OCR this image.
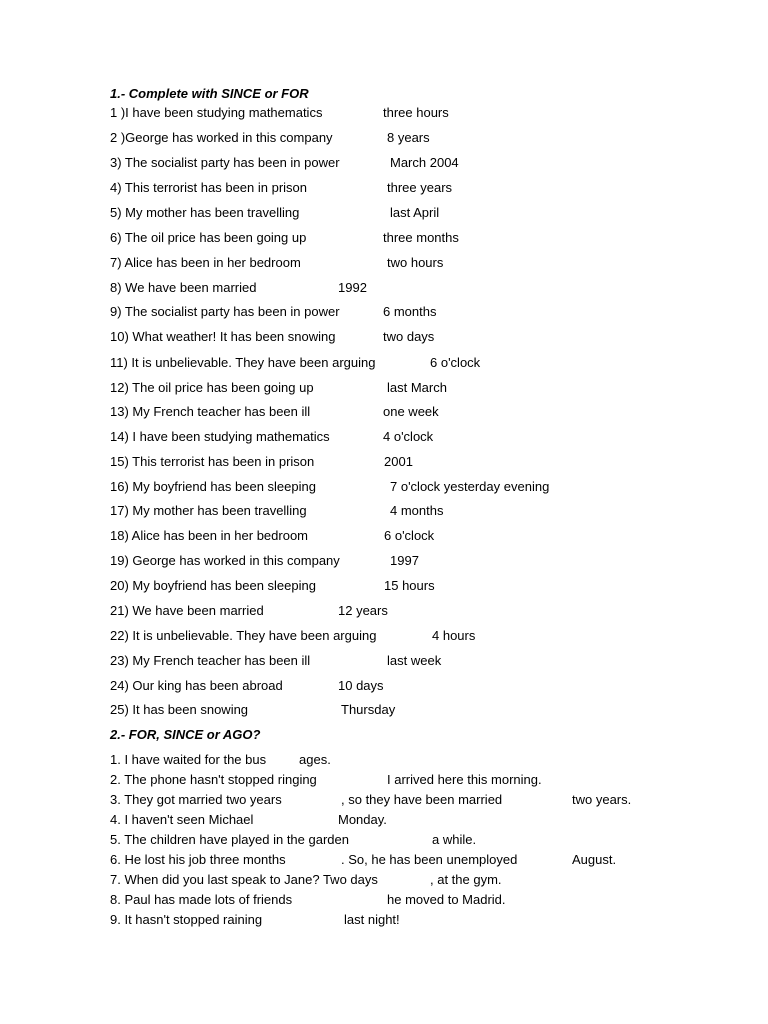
1.- Complete with SINCE or FOR
1 )I have been studying mathematics	three hours
2 )George has worked in this company	8 years
3) The socialist party has been in power	March 2004
4) This terrorist has been in prison	three years
5) My mother has been travelling	last April
6) The oil price has been going up	three months
7) Alice has been in her bedroom	two hours
8) We have been married	1992
9) The socialist party has been in power	6 months
10) What weather! It has been snowing	two days
11) It is unbelievable. They have been arguing	6 o'clock
12) The oil price has been going up	last March
13) My French teacher has been ill	one week
14) I have been studying mathematics	4 o'clock
15) This terrorist has been in prison	2001
16) My boyfriend has been sleeping	7 o'clock yesterday evening
17) My mother has been travelling	4 months
18) Alice has been in her bedroom	6 o'clock
19) George has worked in this company	1997
20) My boyfriend has been sleeping	15 hours
21) We have been married	12 years
22) It is unbelievable. They have been arguing	4 hours
23) My French teacher has been ill	last week
24) Our king has been abroad	10 days
25) It has been snowing	Thursday
2.- FOR, SINCE or AGO?
1. I have waited for the bus	ages.
2. The phone hasn't stopped ringing	I arrived here this morning.
3. They got married two years	, so they have been married	two years.
4. I haven't seen Michael	Monday.
5. The children have played in the garden	a while.
6. He lost his job three months	. So, he has been unemployed	August.
7. When did you last speak to Jane? Two days	, at the gym.
8. Paul has made lots of friends	he moved to Madrid.
9. It hasn't stopped raining	last night!
